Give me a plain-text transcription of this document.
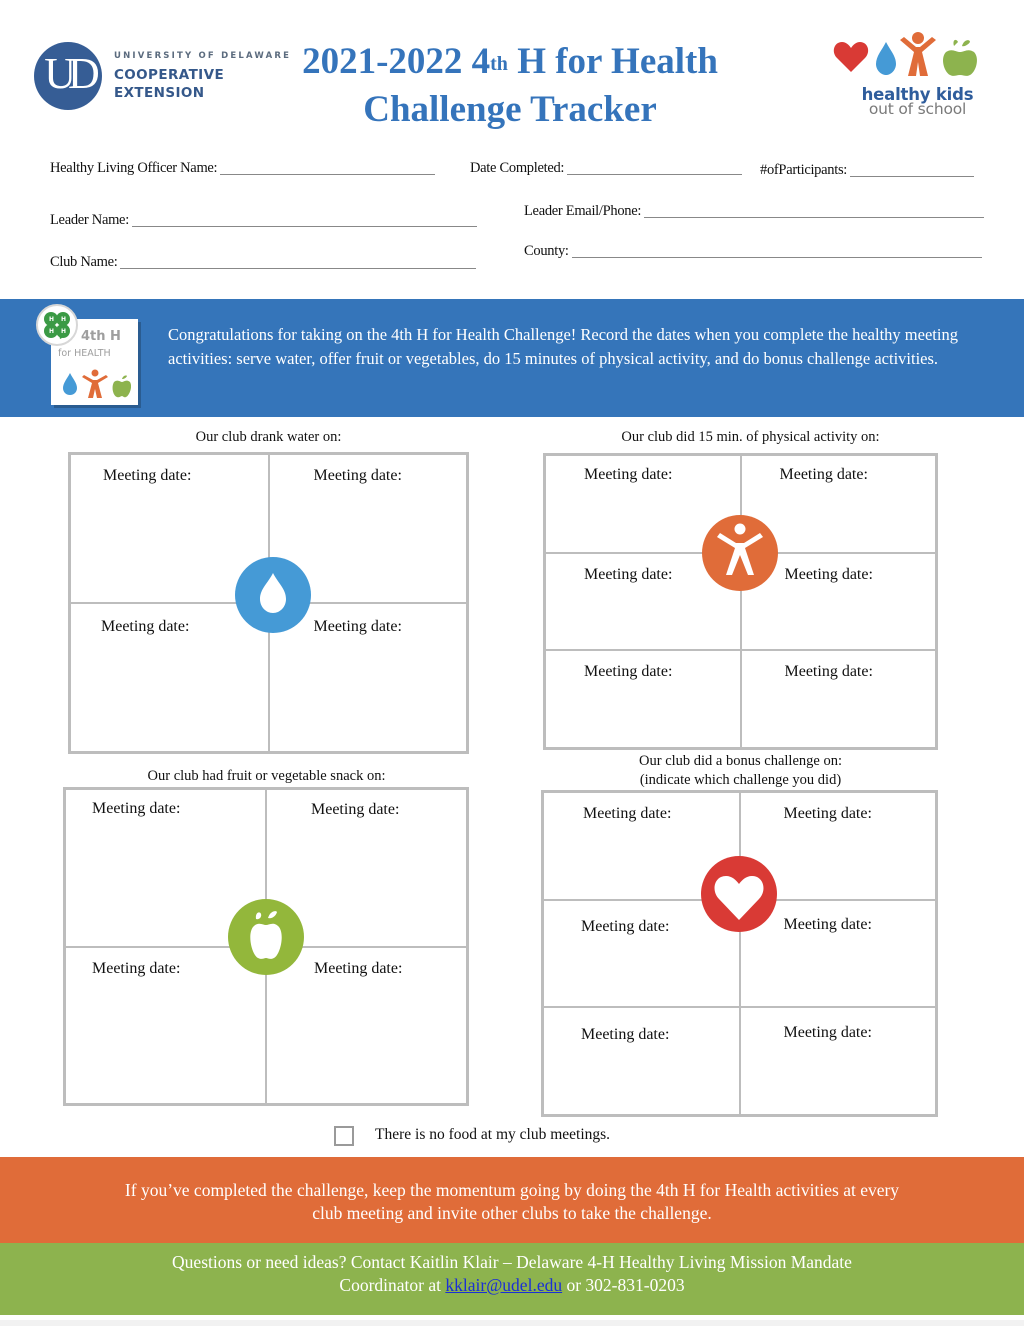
UD	UNIVERSITY OF DELAWARE
COOPERATIVE
EXTENSION
2021-2022 4th H for Health
Challenge Tracker	healthy kids
out of school
Healthy Living Officer Name:	Date Completed:	#ofParticipants:
Leader Name:
Leader Email/Phone:
Club Name:
County:
4th H
for HEALTH
H H
H H	Congratulations for taking on the 4th H for Health Challenge! Record the dates when you complete the healthy meeting activities: serve water, offer fruit or vegetables, do 15 minutes of physical activity, and do bonus challenge activities.
Our club drank water on:
Meeting date:	Meeting date:
Meeting date:	Meeting date:
Our club did 15 min. of physical activity on:
Meeting date:	Meeting date:
Meeting date:	Meeting date:
Meeting date:	Meeting date:
Our club did a bonus challenge on:
(indicate which challenge you did)
Our club had fruit or vegetable snack on:
Meeting date:	Meeting date:
Meeting date:	Meeting date:
Meeting date:	Meeting date:
Meeting date:	Meeting date:
Meeting date:	Meeting date:
There is no food at my club meetings.
If you’ve completed the challenge, keep the momentum going by doing the 4th H for Health activities at every
club meeting and invite other clubs to take the challenge.
Questions or need ideas? Contact Kaitlin Klair – Delaware 4-H Healthy Living Mission Mandate
Coordinator at kklair@udel.edu or 302-831-0203
